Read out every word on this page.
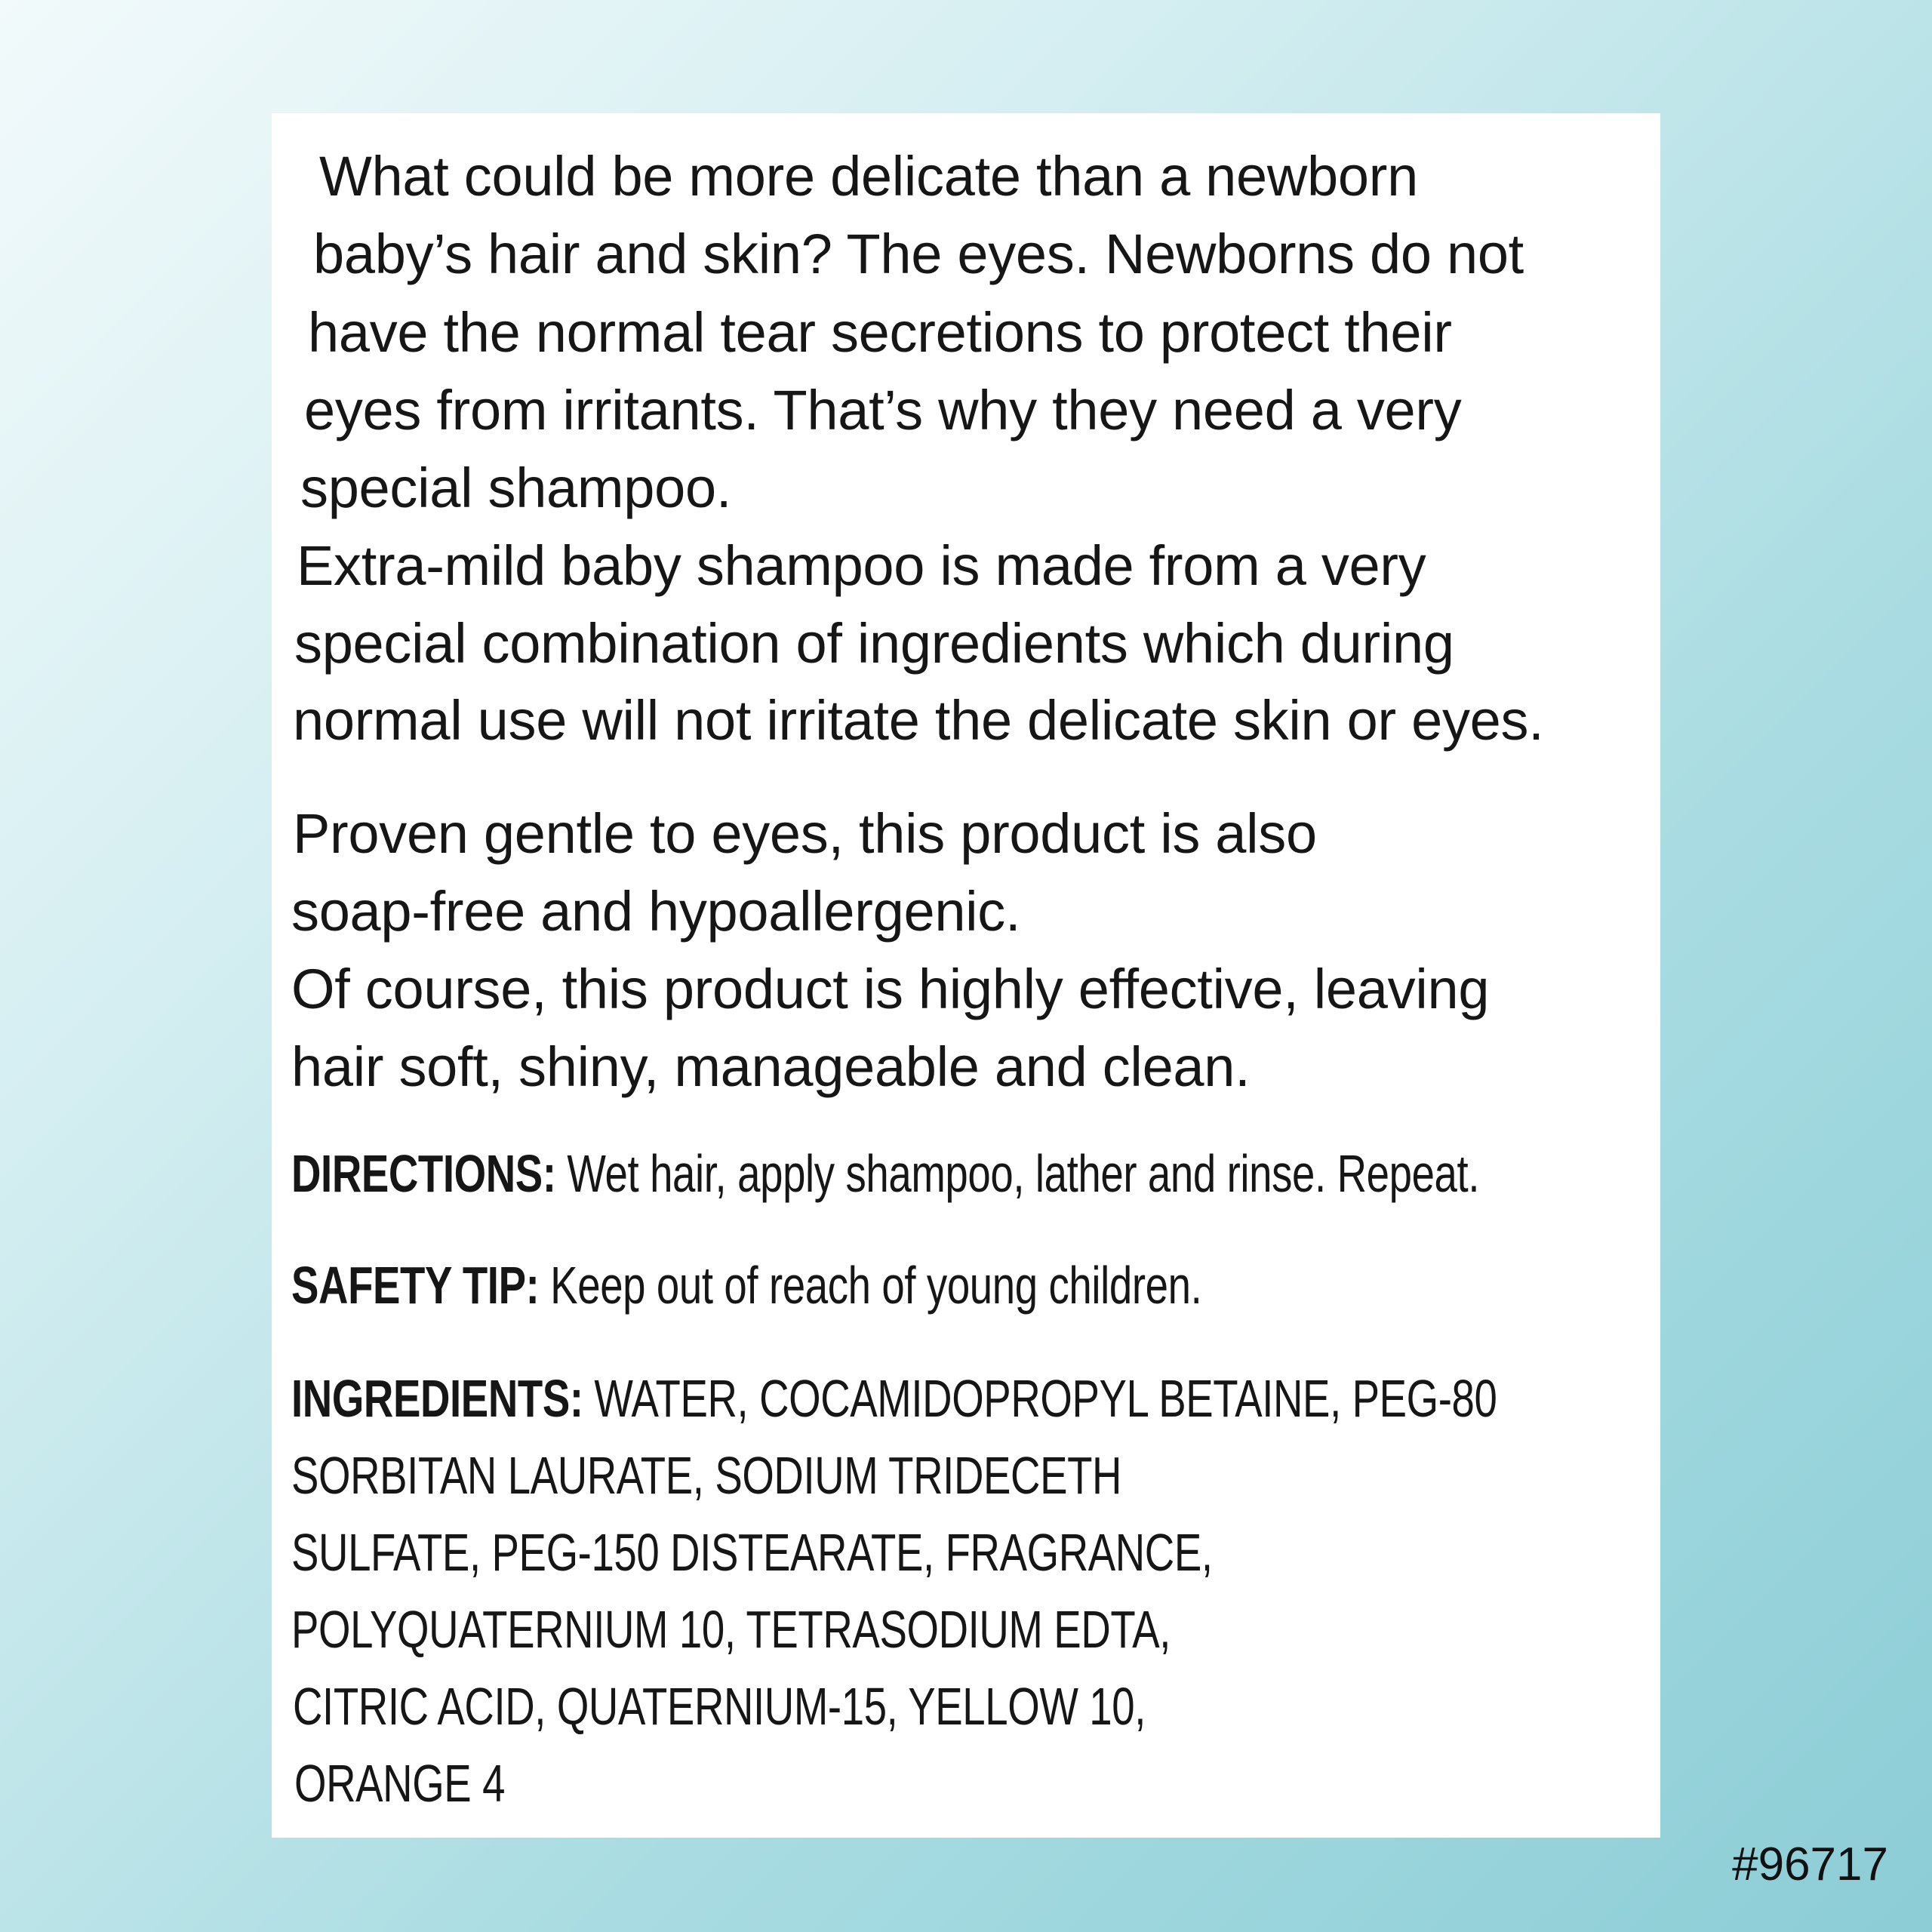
What could be more delicate than a newborn
baby’s hair and skin? The eyes. Newborns do not
have the normal tear secretions to protect their
eyes from irritants. That’s why they need a very
special shampoo.
Extra-mild baby shampoo is made from a very
special combination of ingredients which during
normal use will not irritate the delicate skin or eyes.
Proven gentle to eyes, this product is also
soap-free and hypoallergenic.
Of course, this product is highly effective, leaving
hair soft, shiny, manageable and clean.
DIRECTIONS: Wet hair, apply shampoo, lather and rinse. Repeat.
SAFETY TIP: Keep out of reach of young children.
INGREDIENTS: WATER, COCAMIDOPROPYL BETAINE, PEG-80
SORBITAN LAURATE, SODIUM TRIDECETH
SULFATE, PEG-150 DISTEARATE, FRAGRANCE,
POLYQUATERNIUM 10, TETRASODIUM EDTA,
CITRIC ACID, QUATERNIUM-15, YELLOW 10,
ORANGE 4
#96717
